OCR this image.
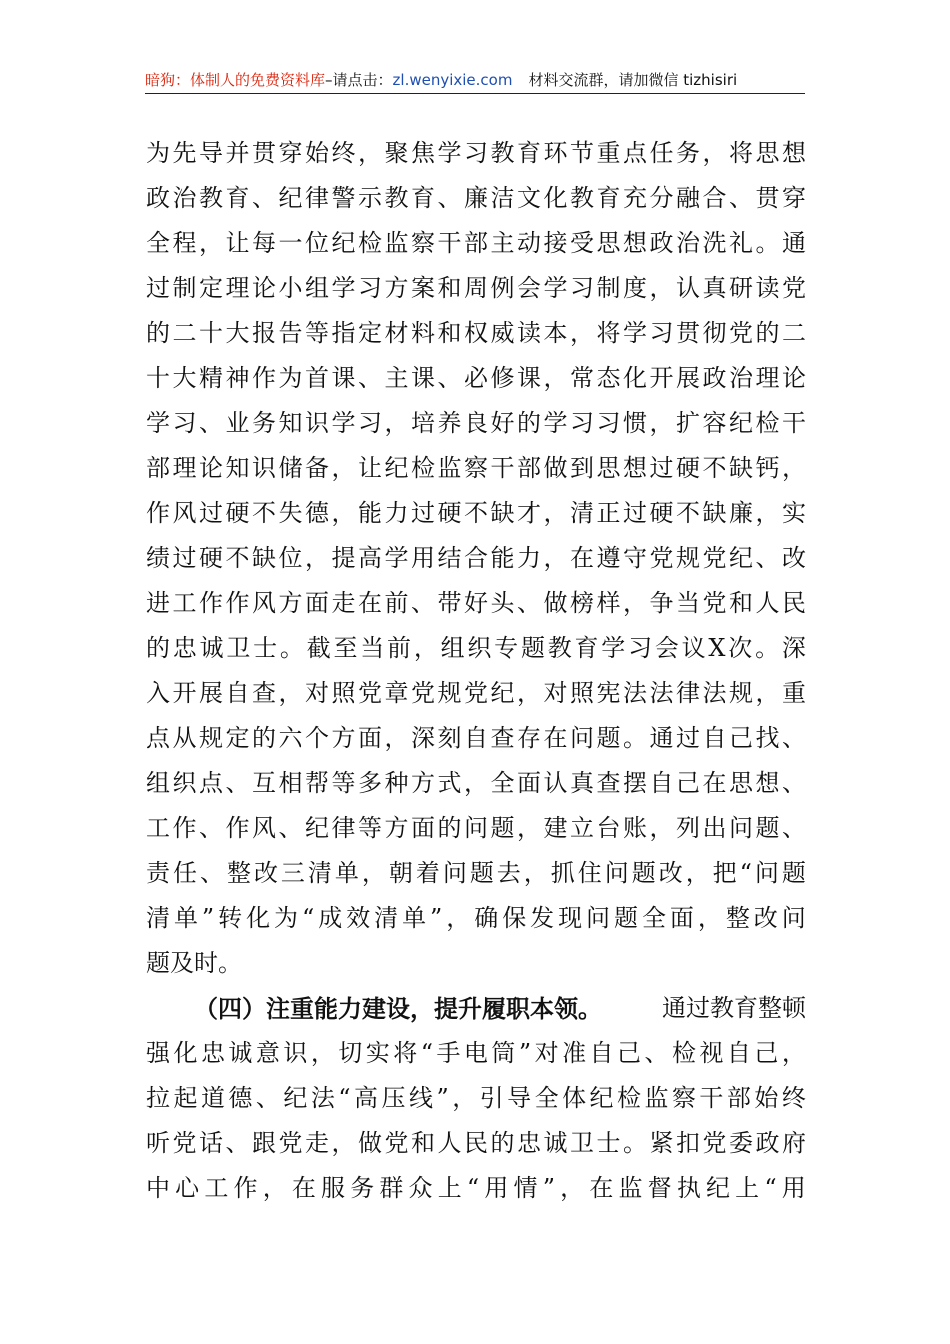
暗狗：体制人的免费资料库–请点击：zl.wenyixie.com 材料交流群，请加微信 tizhisiri
为 先 导 并 贯 穿 始 终 ， 聚 焦 学 习 教 育 环 节 重 点 任 务 ， 将 思 想
政 治 教 育 、 纪 律 警 示 教 育 、 廉 洁 文 化 教 育 充 分 融 合 、 贯 穿
全 程 ， 让 每 一 位 纪 检 监 察 干 部 主 动 接 受 思 想 政 治 洗 礼 。 通
过 制 定 理 论 小 组 学 习 方 案 和 周 例 会 学 习 制 度 ， 认 真 研 读 党
的 二 十 大 报 告 等 指 定 材 料 和 权 威 读 本 ， 将 学 习 贯 彻 党 的 二
十 大 精 神 作 为 首 课 、 主 课 、 必 修 课 ， 常 态 化 开 展 政 治 理 论
学 习 、 业 务 知 识 学 习 ， 培 养 良 好 的 学 习 习 惯 ， 扩 容 纪 检 干
部 理 论 知 识 储 备 ， 让 纪 检 监 察 干 部 做 到 思 想 过 硬 不 缺 钙 ，
作 风 过 硬 不 失 德 ， 能 力 过 硬 不 缺 才 ， 清 正 过 硬 不 缺 廉 ， 实
绩 过 硬 不 缺 位 ， 提 高 学 用 结 合 能 力 ， 在 遵 守 党 规 党 纪 、 改
进 工 作 作 风 方 面 走 在 前 、 带 好 头 、 做 榜 样 ， 争 当 党 和 人 民
的 忠 诚 卫 士 。 截 至 当 前 ， 组 织 专 题 教 育 学 习 会 议 X 次 。 深
入 开 展 自 查 ， 对 照 党 章 党 规 党 纪 ， 对 照 宪 法 法 律 法 规 ， 重
点 从 规 定 的 六 个 方 面 ， 深 刻 自 查 存 在 问 题 。 通 过 自 己 找 、
组 织 点 、 互 相 帮 等 多 种 方 式 ， 全 面 认 真 查 摆 自 己 在 思 想 、
工 作 、 作 风 、 纪 律 等 方 面 的 问 题 ， 建 立 台 账 ， 列 出 问 题 、
责 任 、 整 改 三 清 单 ， 朝 着 问 题 去 ， 抓 住 问 题 改 ， 把 “ 问 题
清 单 ” 转 化 为 “ 成 效 清 单 ” ， 确 保 发 现 问 题 全 面 ， 整 改 问
题及时。
（四）注重能力建设，提升履职本领。	通过教育整顿
强 化 忠 诚 意 识 ， 切 实 将 “ 手 电 筒 ” 对 准 自 己 、 检 视 自 己 ，
拉 起 道 德 、 纪 法 “ 高 压 线 ” ， 引 导 全 体 纪 检 监 察 干 部 始 终
听 党 话 、 跟 党 走 ， 做 党 和 人 民 的 忠 诚 卫 士 。 紧 扣 党 委 政 府
中 心 工 作 ， 在 服 务 群 众 上 “ 用 情 ” ， 在 监 督 执 纪 上 “ 用
